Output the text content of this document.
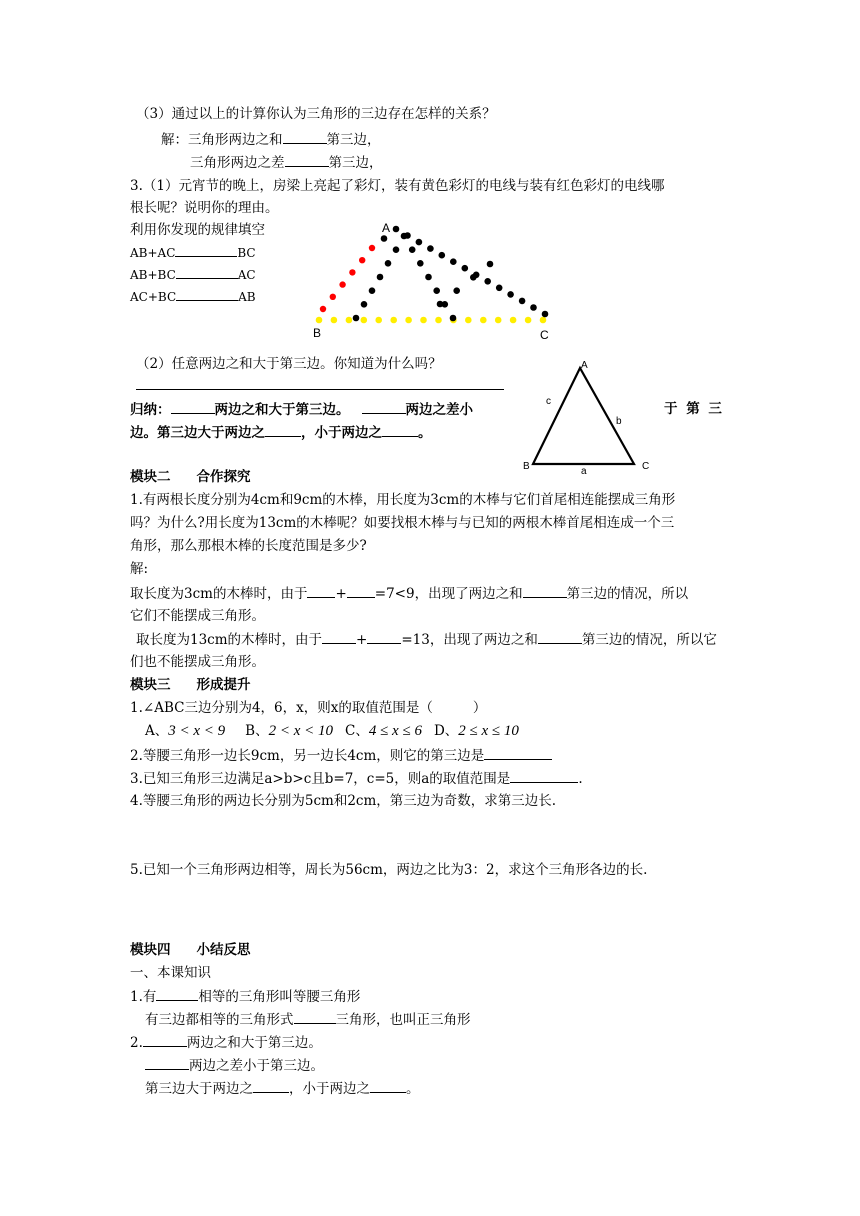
（3）通过以上的计算你认为三角形的三边存在怎样的关系？
解：三角形两边之和	第三边，
三角形两边之差	第三边，
3.（1）元宵节的晚上，房梁上亮起了彩灯，装有黄色彩灯的电线与装有红色彩灯的电线哪
根长呢？说明你的理由。
利用你发现的规律填空
AB+AC	BC
AB+BC	AC
AC+BC	AB
A
B	C
（2）任意两边之和大于第三边。你知道为什么吗？
归纳：	两边之和大于第三边。	两边之差小	于 第 三
边。第三边大于两边之	，小于两边之	。
A
B	C
a
b
c
模块二 合作探究
1.有两根长度分别为4cm和9cm的木棒，用长度为3cm的木棒与它们首尾相连能摆成三角形
吗？为什么?用长度为13cm的木棒呢？如要找根木棒与与已知的两根木棒首尾相连成一个三
角形，那么那根木棒的长度范围是多少?
解:
取长度为3cm的木棒时，由于 + =7<9，出现了两边之和	第三边的情况，所以
它们不能摆成三角形。
取长度为13cm的木棒时，由于	+	=13，出现了两边之和	第三边的情况，所以它
们也不能摆成三角形。
模块三 形成提升
1.∠ABC三边分别为4，6，x，则x的取值范围是（	）
A、3 < x < 9 B、2 < x < 10 C、4 ≤ x ≤ 6 D、2 ≤ x ≤ 10
2.等腰三角形一边长9cm，另一边长4cm，则它的第三边是
3.已知三角形三边满足a>b>c且b=7，c=5，则a的取值范围是	.
4.等腰三角形的两边长分别为5cm和2cm，第三边为奇数，求第三边长.
5.已知一个三角形两边相等，周长为56cm，两边之比为3：2，求这个三角形各边的长.
模块四 小结反思
一、本课知识
1.有	相等的三角形叫等腰三角形
有三边都相等的三角形式	三角形，也叫正三角形
2.	两边之和大于第三边。
两边之差小于第三边。
第三边大于两边之	，小于两边之	。
